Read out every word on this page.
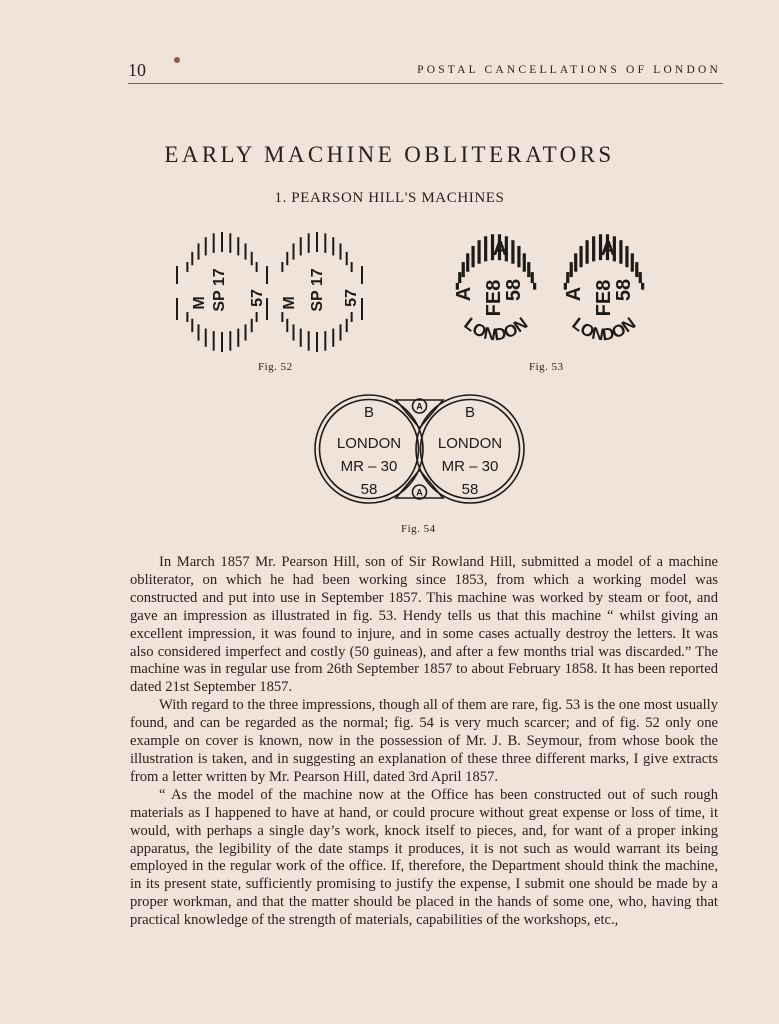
10	POSTAL CANCELLATIONS OF LONDON
EARLY MACHINE OBLITERATORS
1. PEARSON HILL'S MACHINES
M SP 17 57 M SP 17 57
Fig. 52
A
A FE8
58
A
A FE8
58
LONDON LONDON
Fig. 53
B
LONDON
MR – 30
58
B
LONDON
MR – 30
58
A
A
Fig. 54

In March 1857 Mr. Pearson Hill, son of Sir Rowland Hill, submitted a model of a machine obliterator, on which he had been working since 1853, from which a working model was constructed and put into use in September 1857. This machine was worked by steam or foot, and gave an impression as illustrated in fig. 53. Hendy tells us that this machine “ whilst giving an excellent impression, it was found to injure, and in some cases actually destroy the letters. It was also considered imperfect and costly (50 guineas), and after a few months trial was discarded.” The machine was in regular use from 26th September 1857 to about February 1858. It has been reported dated 21st September 1857.

With regard to the three impressions, though all of them are rare, fig. 53 is the one most usually found, and can be regarded as the normal; fig. 54 is very much scarcer; and of fig. 52 only one example on cover is known, now in the possession of Mr. J. B. Seymour, from whose book the illustration is taken, and in suggesting an explanation of these three different marks, I give extracts from a letter written by Mr. Pearson Hill, dated 3rd April 1857.

“ As the model of the machine now at the Office has been constructed out of such rough materials as I happened to have at hand, or could procure without great expense or loss of time, it would, with perhaps a single day’s work, knock itself to pieces, and, for want of a proper inking apparatus, the legibility of the date stamps it produces, it is not such as would warrant its being employed in the regular work of the office. If, therefore, the Department should think the machine, in its present state, sufficiently promising to justify the expense, I submit one should be made by a proper workman, and that the matter should be placed in the hands of some one, who, having that practical knowledge of the strength of materials, capabilities of the workshops, etc.,
